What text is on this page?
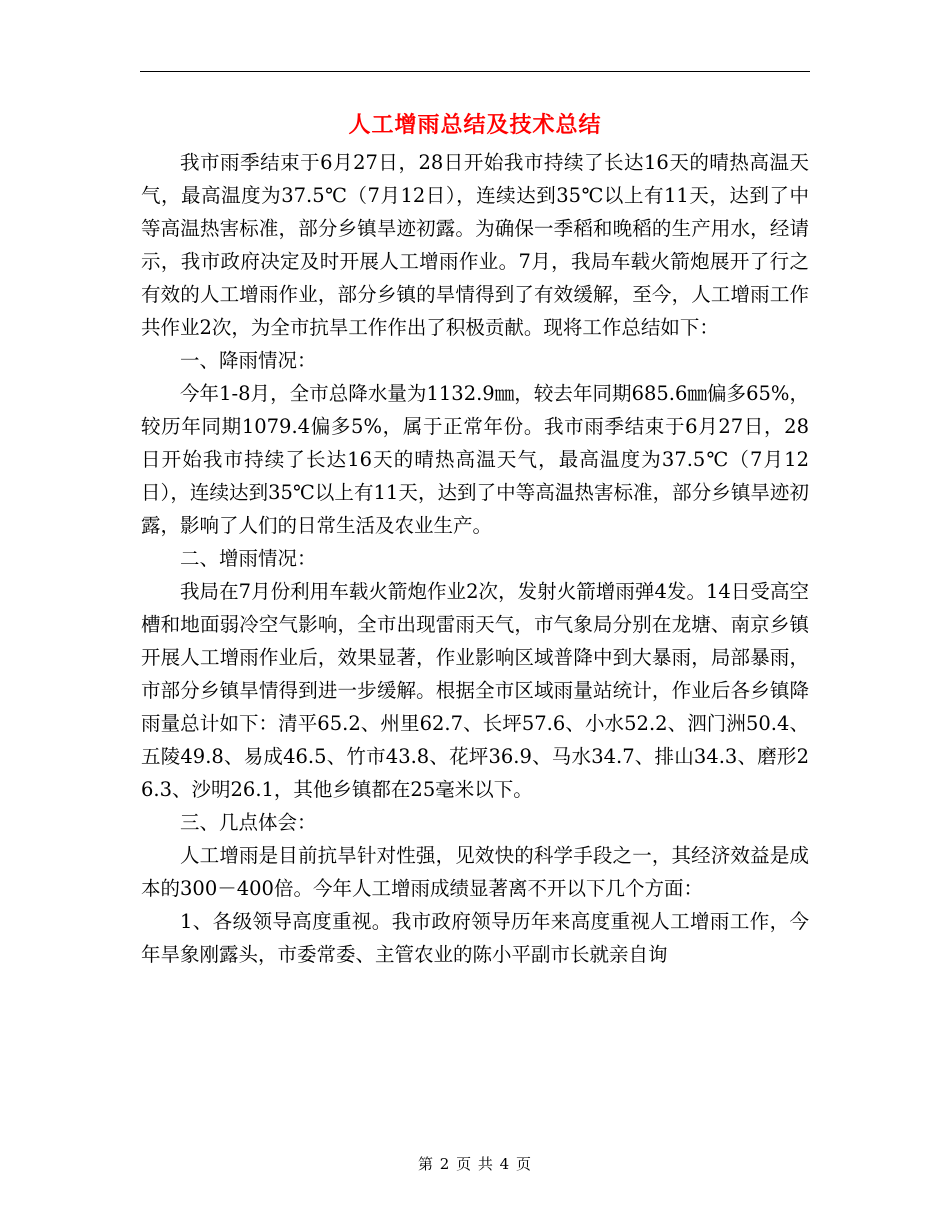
人工增雨总结及技术总结

我市雨季结束于6月27日，28日开始我市持续了长达16天的晴热高温天气，最高温度为37.5℃（7月12日），连续达到35℃以上有11天，达到了中等高温热害标准，部分乡镇旱迹初露。为确保一季稻和晚稻的生产用水，经请示，我市政府决定及时开展人工增雨作业。7月，我局车载火箭炮展开了行之有效的人工增雨作业，部分乡镇的旱情得到了有效缓解，至今，人工增雨工作共作业2次，为全市抗旱工作作出了积极贡献。现将工作总结如下：

一、降雨情况：

今年1-8月，全市总降水量为1132.9㎜，较去年同期685.6㎜偏多65%，较历年同期1079.4偏多5%，属于正常年份。我市雨季结束于6月27日，28日开始我市持续了长达16天的晴热高温天气，最高温度为37.5℃（7月12日），连续达到35℃以上有11天，达到了中等高温热害标准，部分乡镇旱迹初露，影响了人们的日常生活及农业生产。

二、增雨情况：

我局在7月份利用车载火箭炮作业2次，发射火箭增雨弹4发。14日受高空槽和地面弱冷空气影响，全市出现雷雨天气，市气象局分别在龙塘、南京乡镇开展人工增雨作业后，效果显著，作业影响区域普降中到大暴雨，局部暴雨，市部分乡镇旱情得到进一步缓解。根据全市区域雨量站统计，作业后各乡镇降雨量总计如下：清平65.2、州里62.7、长坪57.6、小水52.2、泗门洲50.4、五陵49.8、易成46.5、竹市43.8、花坪36.9、马水34.7、排山34.3、磨形26.3、沙明26.1，其他乡镇都在25毫米以下。

三、几点体会：

人工增雨是目前抗旱针对性强，见效快的科学手段之一，其经济效益是成本的300－400倍。今年人工增雨成绩显著离不开以下几个方面：

1、各级领导高度重视。我市政府领导历年来高度重视人工增雨工作，今年旱象刚露头，市委常委、主管农业的陈小平副市长就亲自询

第 2 页 共 4 页
